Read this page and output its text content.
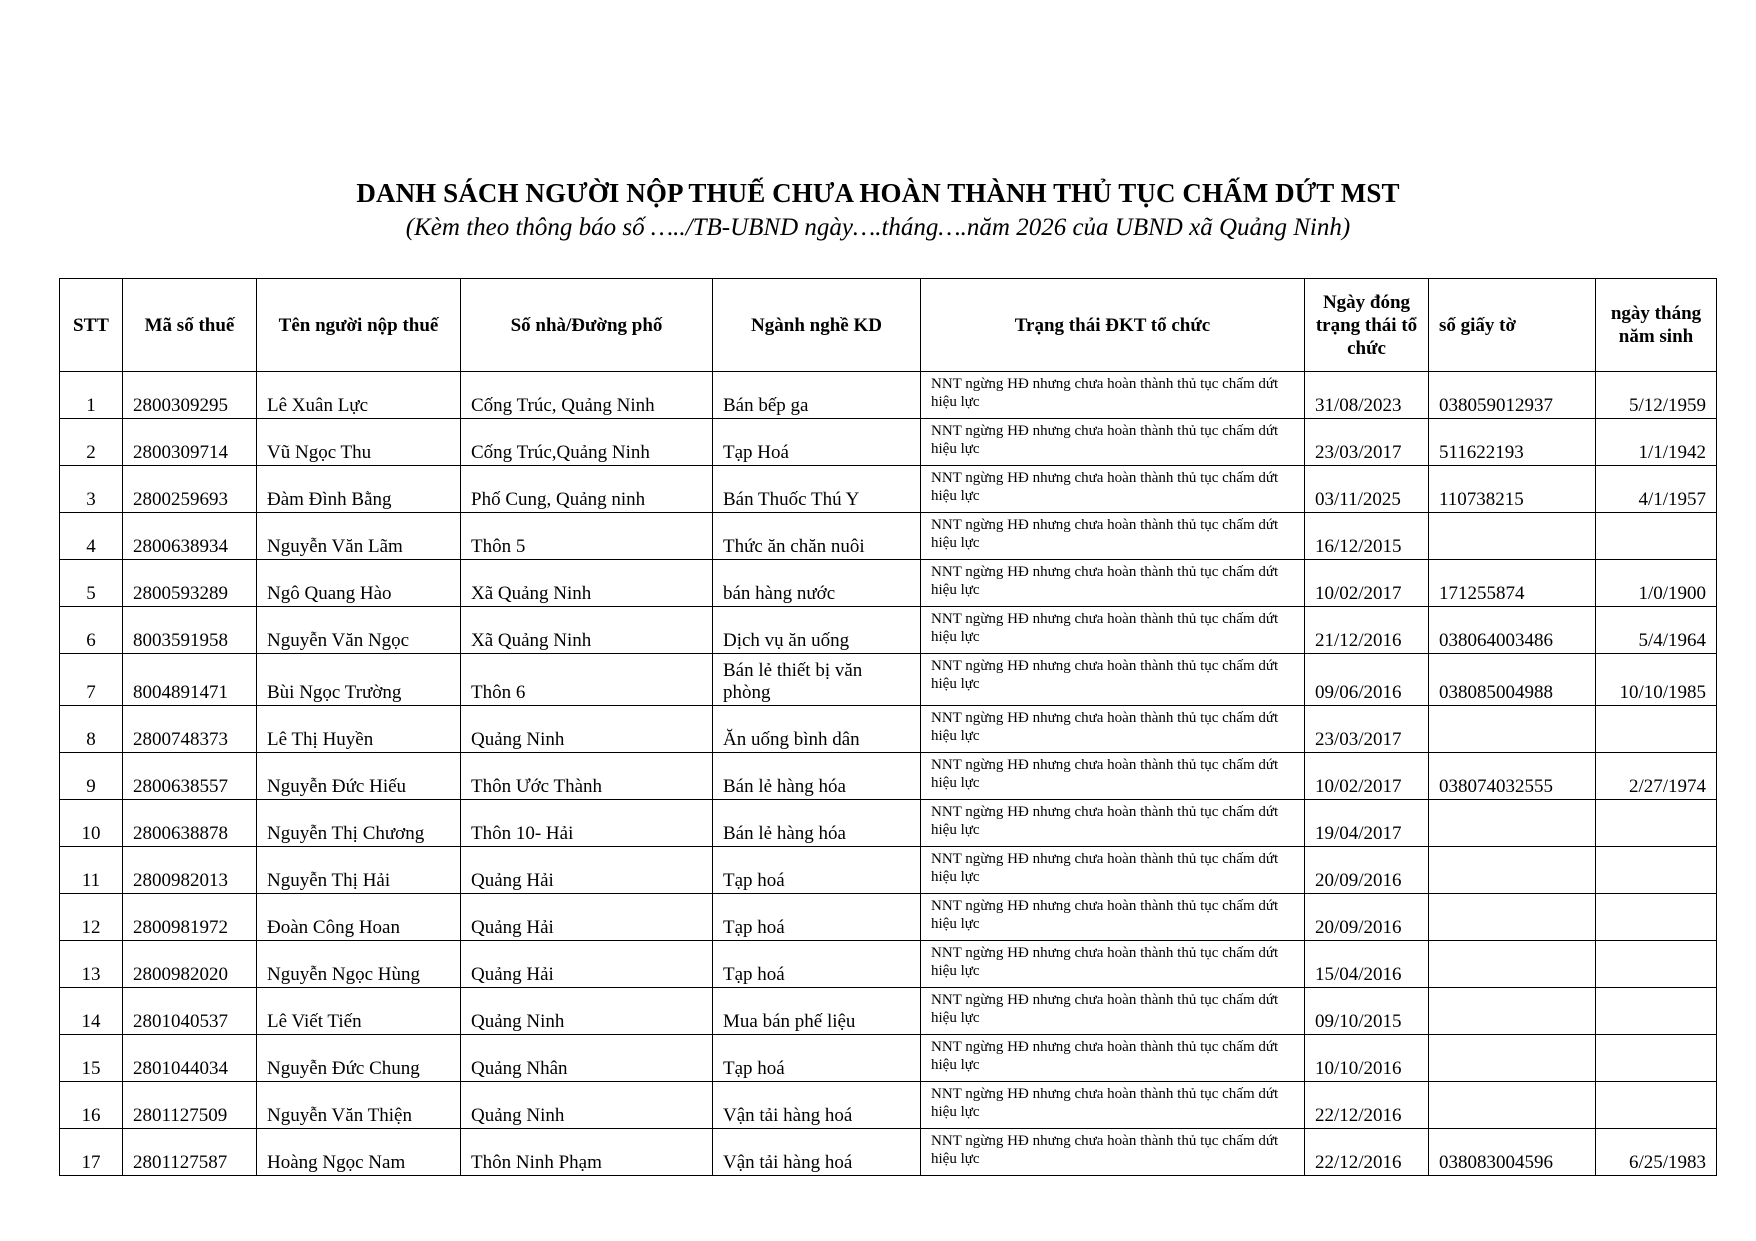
DANH SÁCH NGƯỜI NỘP THUẾ CHƯA HOÀN THÀNH THỦ TỤC CHẤM DỨT MST
(Kèm theo thông báo số …../TB-UBND ngày….tháng….năm 2026 của UBND xã Quảng Ninh)
STT	Mã số thuế	Tên người nộp thuế	Số nhà/Đường phố	Ngành nghề KD	Trạng thái ĐKT tổ chức	Ngày đóng trạng thái tổ chức	số giấy tờ	ngày tháng năm sinh
1	2800309295	Lê Xuân Lực	Cống Trúc, Quảng Ninh	Bán bếp ga	NNT ngừng HĐ nhưng chưa hoàn thành thủ tục chấm dứt hiệu lực	31/08/2023	038059012937	5/12/1959
2	2800309714	Vũ Ngọc Thu	Cống Trúc,Quảng Ninh	Tạp Hoá	NNT ngừng HĐ nhưng chưa hoàn thành thủ tục chấm dứt hiệu lực	23/03/2017	511622193	1/1/1942
3	2800259693	Đàm Đình Bằng	Phố Cung, Quảng ninh	Bán Thuốc Thú Y	NNT ngừng HĐ nhưng chưa hoàn thành thủ tục chấm dứt hiệu lực	03/11/2025	110738215	4/1/1957
4	2800638934	Nguyễn Văn Lãm	Thôn 5	Thức ăn chăn nuôi	NNT ngừng HĐ nhưng chưa hoàn thành thủ tục chấm dứt hiệu lực	16/12/2015		
5	2800593289	Ngô Quang Hào	Xã Quảng Ninh	bán hàng nước	NNT ngừng HĐ nhưng chưa hoàn thành thủ tục chấm dứt hiệu lực	10/02/2017	171255874	1/0/1900
6	8003591958	Nguyễn Văn Ngọc	Xã Quảng Ninh	Dịch vụ ăn uống	NNT ngừng HĐ nhưng chưa hoàn thành thủ tục chấm dứt hiệu lực	21/12/2016	038064003486	5/4/1964
7	8004891471	Bùi Ngọc Trường	Thôn 6	Bán lẻ thiết bị văn phòng	NNT ngừng HĐ nhưng chưa hoàn thành thủ tục chấm dứt hiệu lực	09/06/2016	038085004988	10/10/1985
8	2800748373	Lê Thị Huyền	Quảng Ninh	Ăn uống bình dân	NNT ngừng HĐ nhưng chưa hoàn thành thủ tục chấm dứt hiệu lực	23/03/2017		
9	2800638557	Nguyễn Đức Hiếu	Thôn Ước Thành	Bán lẻ hàng hóa	NNT ngừng HĐ nhưng chưa hoàn thành thủ tục chấm dứt hiệu lực	10/02/2017	038074032555	2/27/1974
10	2800638878	Nguyễn Thị Chương	Thôn 10- Hải	Bán lẻ hàng hóa	NNT ngừng HĐ nhưng chưa hoàn thành thủ tục chấm dứt hiệu lực	19/04/2017		
11	2800982013	Nguyễn Thị Hải	Quảng Hải	Tạp hoá	NNT ngừng HĐ nhưng chưa hoàn thành thủ tục chấm dứt hiệu lực	20/09/2016		
12	2800981972	Đoàn Công Hoan	Quảng Hải	Tạp hoá	NNT ngừng HĐ nhưng chưa hoàn thành thủ tục chấm dứt hiệu lực	20/09/2016		
13	2800982020	Nguyễn Ngọc Hùng	Quảng Hải	Tạp hoá	NNT ngừng HĐ nhưng chưa hoàn thành thủ tục chấm dứt hiệu lực	15/04/2016		
14	2801040537	Lê Viết Tiến	Quảng Ninh	Mua bán phế liệu	NNT ngừng HĐ nhưng chưa hoàn thành thủ tục chấm dứt hiệu lực	09/10/2015		
15	2801044034	Nguyễn Đức Chung	Quảng Nhân	Tạp hoá	NNT ngừng HĐ nhưng chưa hoàn thành thủ tục chấm dứt hiệu lực	10/10/2016		
16	2801127509	Nguyễn Văn Thiện	Quảng Ninh	Vận tải hàng hoá	NNT ngừng HĐ nhưng chưa hoàn thành thủ tục chấm dứt hiệu lực	22/12/2016		
17	2801127587	Hoàng Ngọc Nam	Thôn Ninh Phạm	Vận tải hàng hoá	NNT ngừng HĐ nhưng chưa hoàn thành thủ tục chấm dứt hiệu lực	22/12/2016	038083004596	6/25/1983
